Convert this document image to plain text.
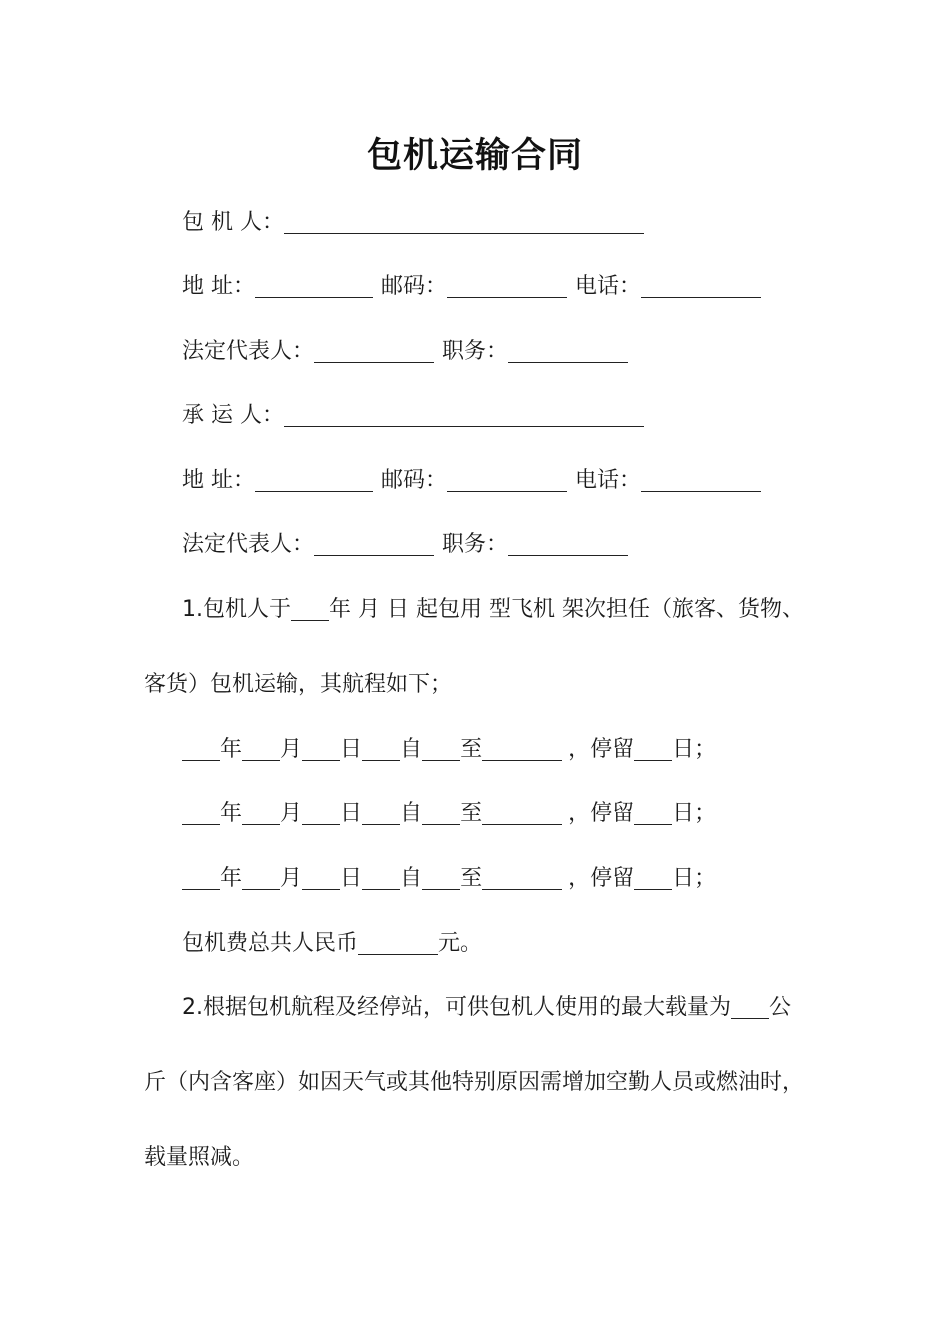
包机运输合同
包 机 人：
地 址：	邮码：	电话：
法定代表人：	职务：
承 运 人：
地 址：	邮码：	电话：
法定代表人：	职务：
1.包机人于 年 月 日 起包用 型飞机 架次担任（旅客、货物、
客货）包机运输，其航程如下；
年 月 日 自 至	，停留 日；
年 月 日 自 至	，停留 日；
年 月 日 自 至	，停留 日；
包机费总共人民币	元。
2.根据包机航程及经停站，可供包机人使用的最大载量为 公
斤（内含客座）如因天气或其他特别原因需增加空勤人员或燃油时，
载量照减。
